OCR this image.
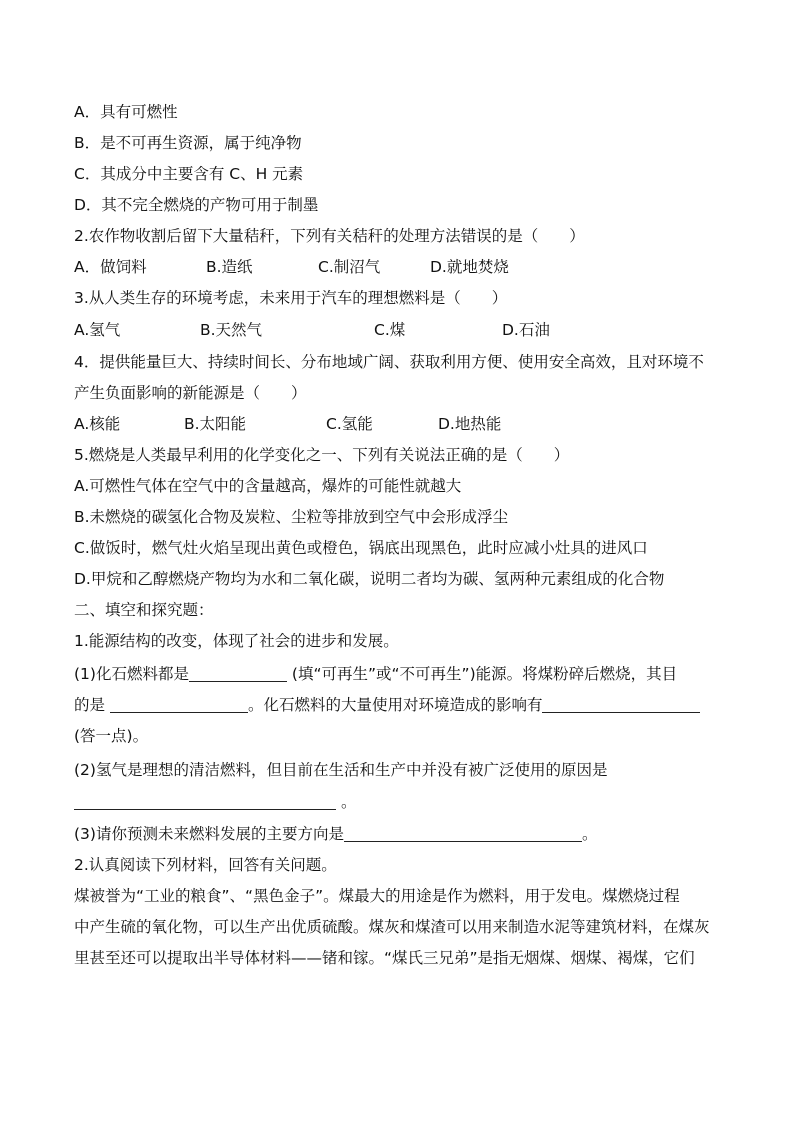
A．具有可燃性
B．是不可再生资源，属于纯净物
C．其成分中主要含有 C、H 元素
D．其不完全燃烧的产物可用于制墨
2.农作物收割后留下大量秸秆，下列有关秸秆的处理方法错误的是（　　）
A．做饲料	B.造纸	C.制沼气	D.就地焚烧
3.从人类生存的环境考虑，未来用于汽车的理想燃料是（　　）
A.氢气	B.天然气	C.煤	D.石油
4．提供能量巨大、持续时间长、分布地域广阔、获取利用方便、使用安全高效，且对环境不
产生负面影响的新能源是（　　）
A.核能	B.太阳能	C.氢能	D.地热能
5.燃烧是人类最早利用的化学变化之一、下列有关说法正确的是（　　）
A.可燃性气体在空气中的含量越高，爆炸的可能性就越大
B.未燃烧的碳氢化合物及炭粒、尘粒等排放到空气中会形成浮尘
C.做饭时，燃气灶火焰呈现出黄色或橙色，锅底出现黑色，此时应减小灶具的进风口
D.甲烷和乙醇燃烧产物均为水和二氧化碳，说明二者均为碳、氢两种元素组成的化合物
二、填空和探究题：
1.能源结构的改变，体现了社会的进步和发展。
(1)化石燃料都是	(填“可再生”或“不可再生”)能源。将煤粉碎后燃烧，其目
的是	。化石燃料的大量使用对环境造成的影响有
(答一点)。
(2)氢气是理想的清洁燃料，但目前在生活和生产中并没有被广泛使用的原因是
。
(3)请你预测未来燃料发展的主要方向是	。
2.认真阅读下列材料，回答有关问题。
煤被誉为“工业的粮食”、“黑色金子”。煤最大的用途是作为燃料，用于发电。煤燃烧过程
中产生硫的氧化物，可以生产出优质硫酸。煤灰和煤渣可以用来制造水泥等建筑材料，在煤灰
里甚至还可以提取出半导体材料——锗和镓。“煤氏三兄弟”是指无烟煤、烟煤、褐煤，它们
